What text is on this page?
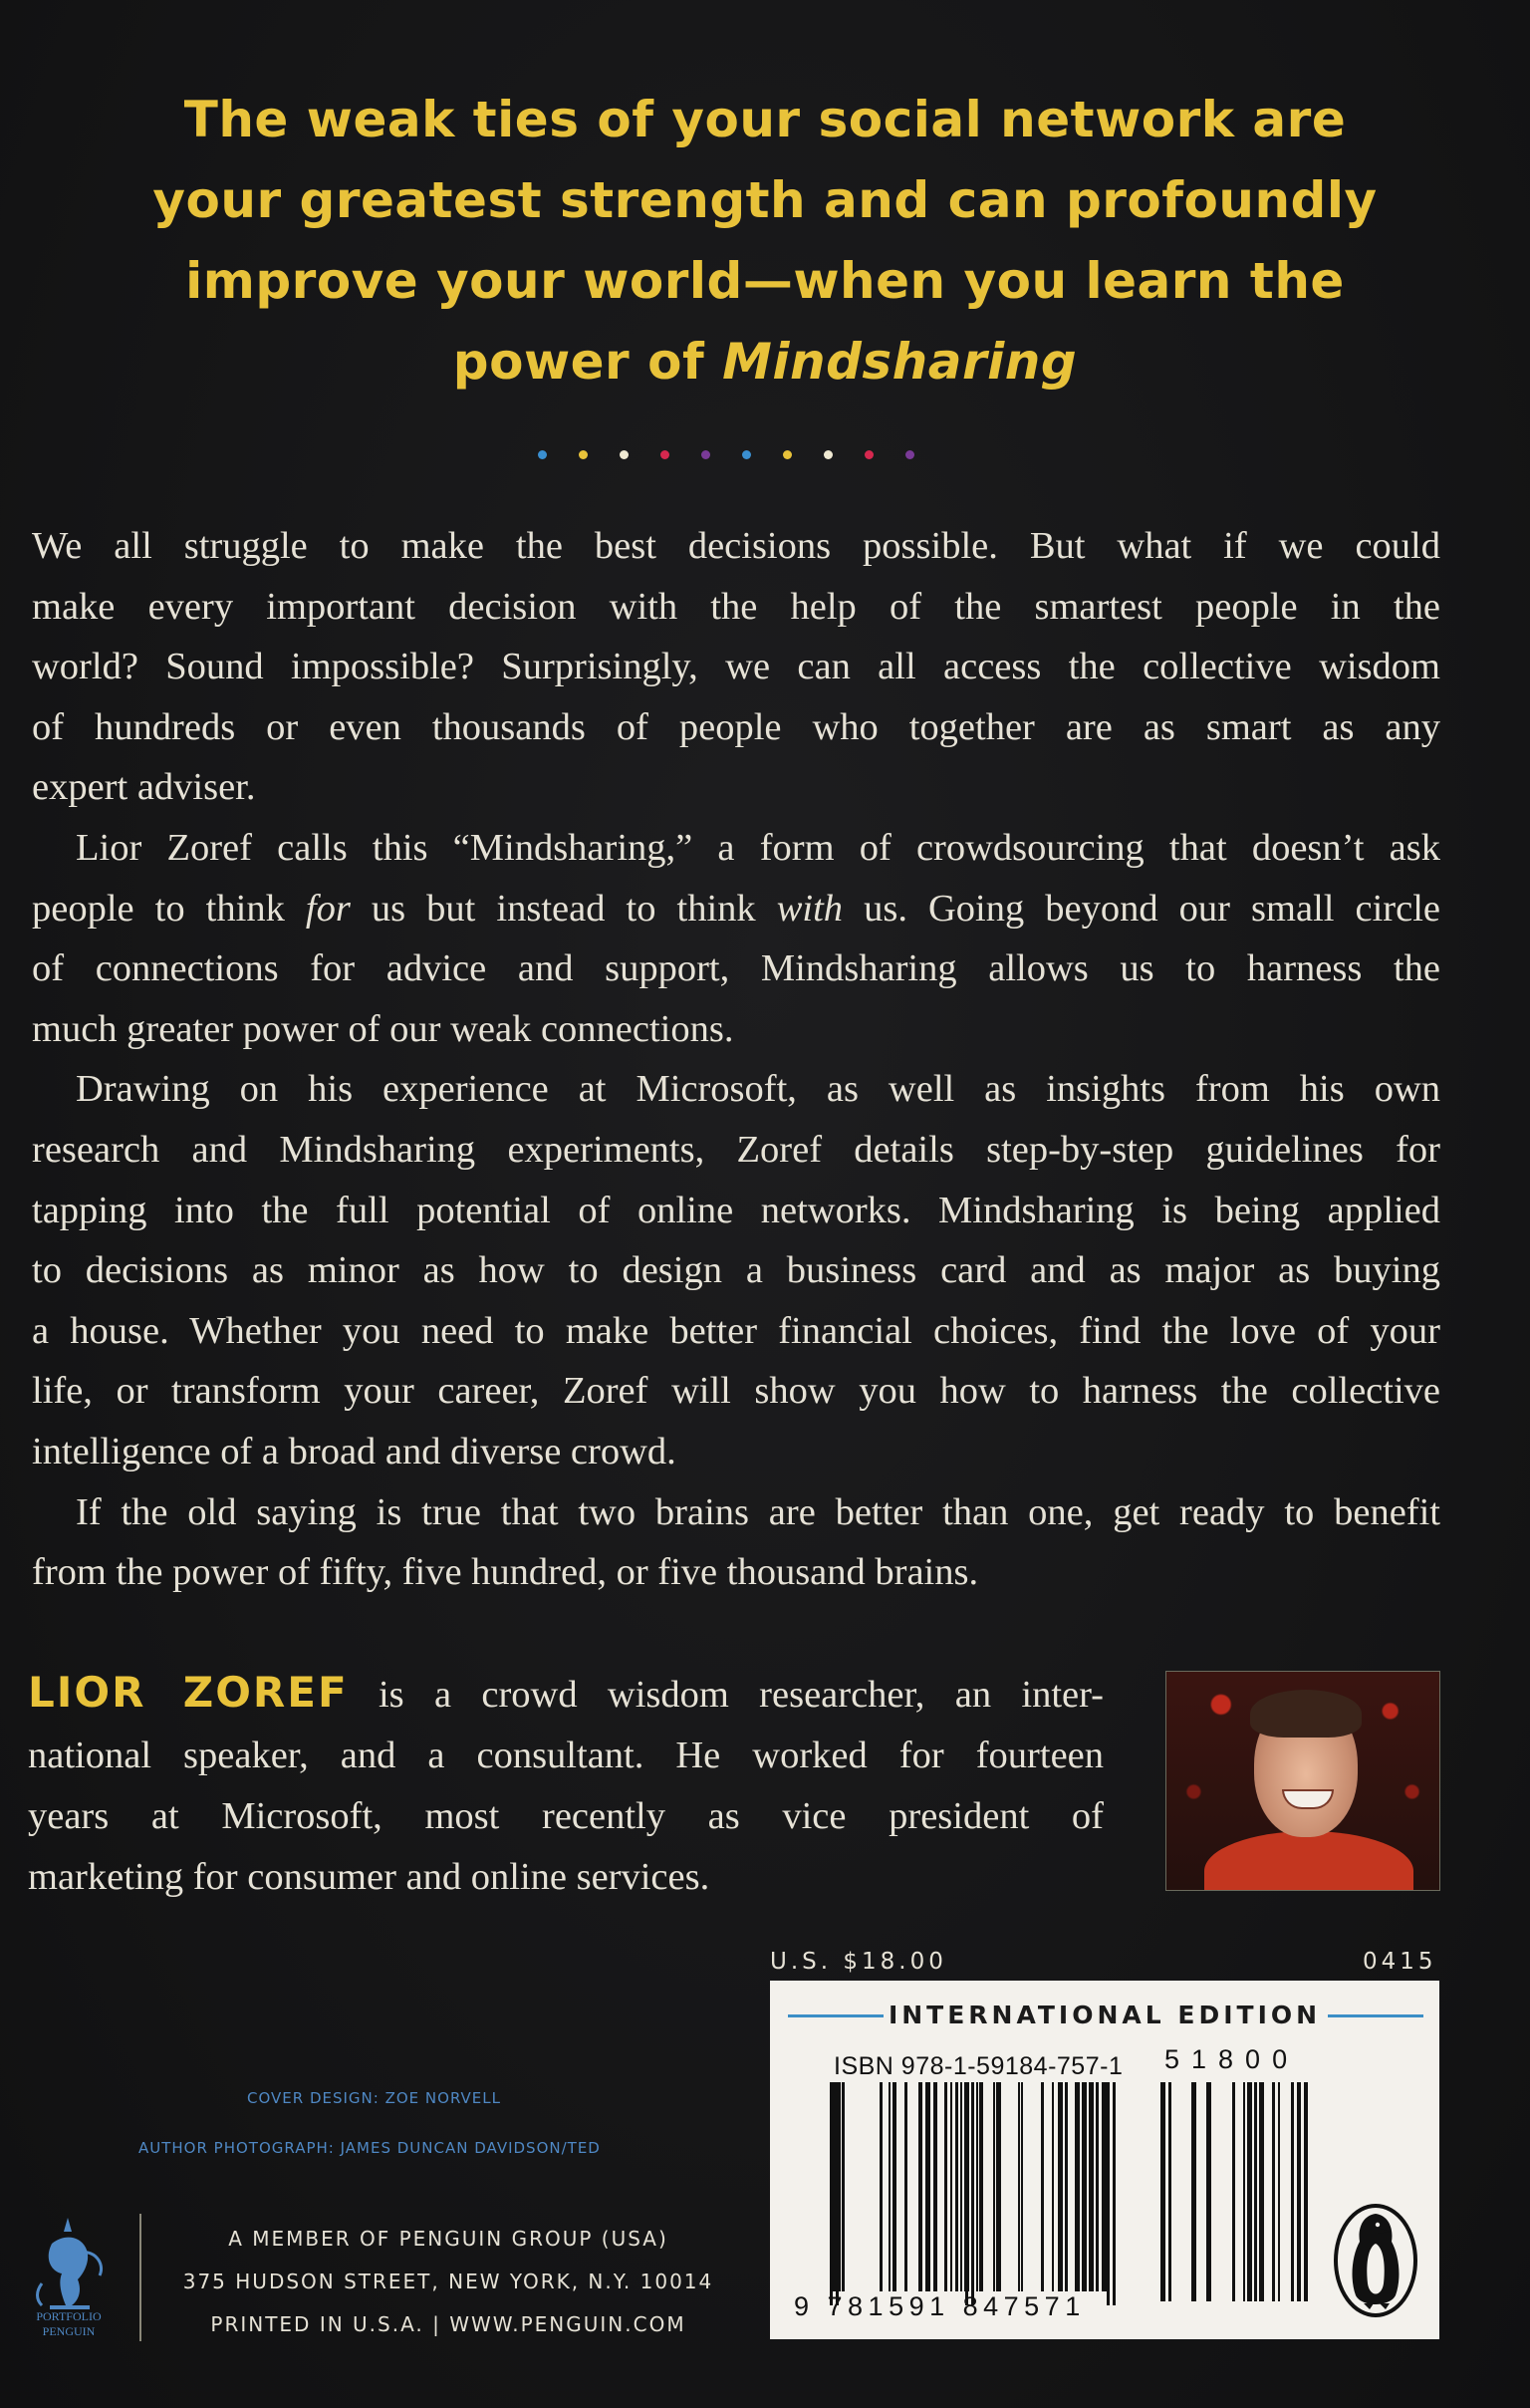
The weak ties of your social network are
your greatest strength and can profoundly
improve your world—when you learn the
power of Mindsharing
We all struggle to make the best decisions possible. But what if we could
make every important decision with the help of the smartest people in the
world? Sound impossible? Surprisingly, we can all access the collective wisdom
of hundreds or even thousands of people who together are as smart as any
expert adviser.
Lior Zoref calls this “Mindsharing,” a form of crowdsourcing that doesn’t ask
people to think for us but instead to think with us. Going beyond our small circle
of connections for advice and support, Mindsharing allows us to harness the
much greater power of our weak connections.
Drawing on his experience at Microsoft, as well as insights from his own
research and Mindsharing experiments, Zoref details step-by-step guidelines for
tapping into the full potential of online networks. Mindsharing is being applied
to decisions as minor as how to design a business card and as major as buying
a house. Whether you need to make better financial choices, find the love of your
life, or transform your career, Zoref will show you how to harness the collective
intelligence of a broad and diverse crowd.
If the old saying is true that two brains are better than one, get ready to benefit
from the power of fifty, five hundred, or five thousand brains.
LIOR ZOREF is a crowd wisdom researcher, an inter-
national speaker, and a consultant. He worked for fourteen
years at Microsoft, most recently as vice president of
marketing for consumer and online services.
U.S. $18.00	0415
INTERNATIONAL EDITION
ISBN 978-1-59184-757-1 51800
9 781591 847571
COVER DESIGN: ZOE NORVELL
AUTHOR PHOTOGRAPH: JAMES DUNCAN DAVIDSON/TED
PORTFOLIO
PENGUIN
A MEMBER OF PENGUIN GROUP (USA)
375 HUDSON STREET, NEW YORK, N.Y. 10014
PRINTED IN U.S.A. | WWW.PENGUIN.COM
